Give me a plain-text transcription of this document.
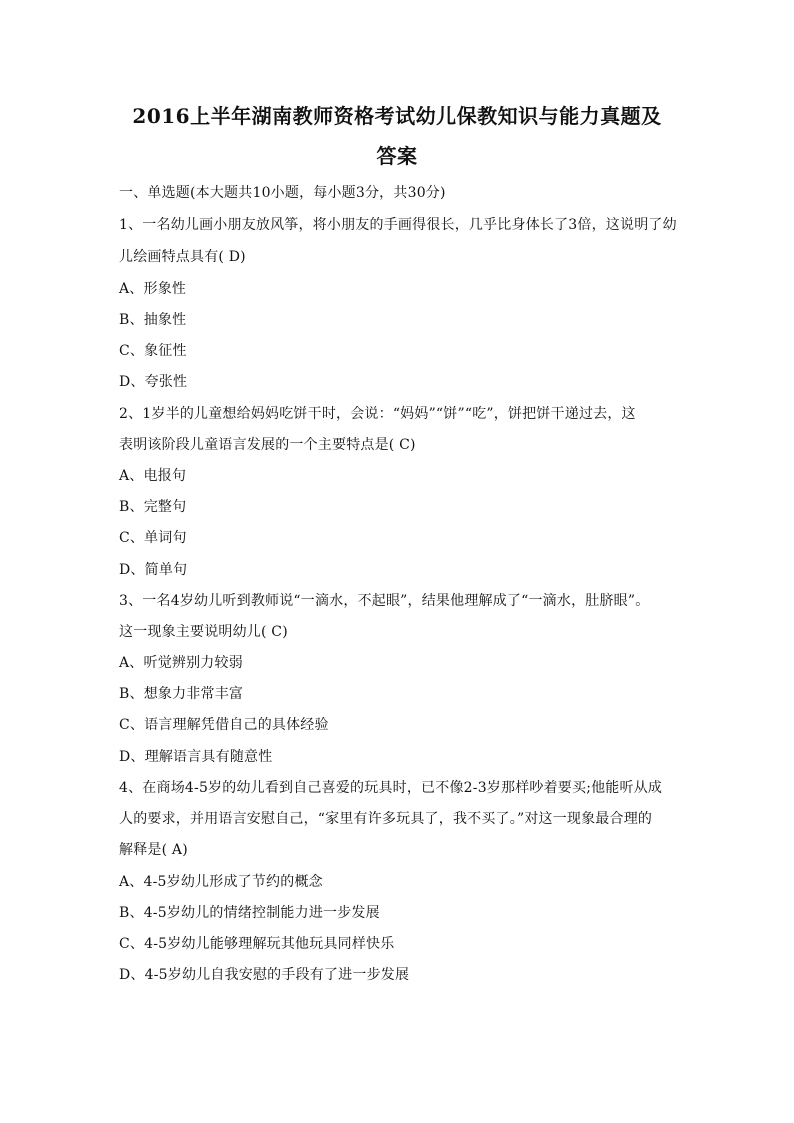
2016上半年湖南教师资格考试幼儿保教知识与能力真题及
答案
一、单选题(本大题共10小题，每小题3分，共30分)
1、一名幼儿画小朋友放风筝，将小朋友的手画得很长，几乎比身体长了3倍，这说明了幼
儿绘画特点具有( D)
A、形象性
B、抽象性
C、象征性
D、夸张性
2、1岁半的儿童想给妈妈吃饼干时，会说：“妈妈”“饼”“吃”，饼把饼干递过去，这
表明该阶段儿童语言发展的一个主要特点是( C)
A、电报句
B、完整句
C、单词句
D、简单句
3、一名4岁幼儿听到教师说“一滴水，不起眼”，结果他理解成了“一滴水，肚脐眼”。
这一现象主要说明幼儿( C)
A、听觉辨别力较弱
B、想象力非常丰富
C、语言理解凭借自己的具体经验
D、理解语言具有随意性
4、在商场4-5岁的幼儿看到自己喜爱的玩具时，已不像2-3岁那样吵着要买;他能听从成
人的要求，并用语言安慰自己，“家里有许多玩具了，我不买了。”对这一现象最合理的
解释是( A)
A、4-5岁幼儿形成了节约的概念
B、4-5岁幼儿的情绪控制能力进一步发展
C、4-5岁幼儿能够理解玩其他玩具同样快乐
D、4-5岁幼儿自我安慰的手段有了进一步发展
